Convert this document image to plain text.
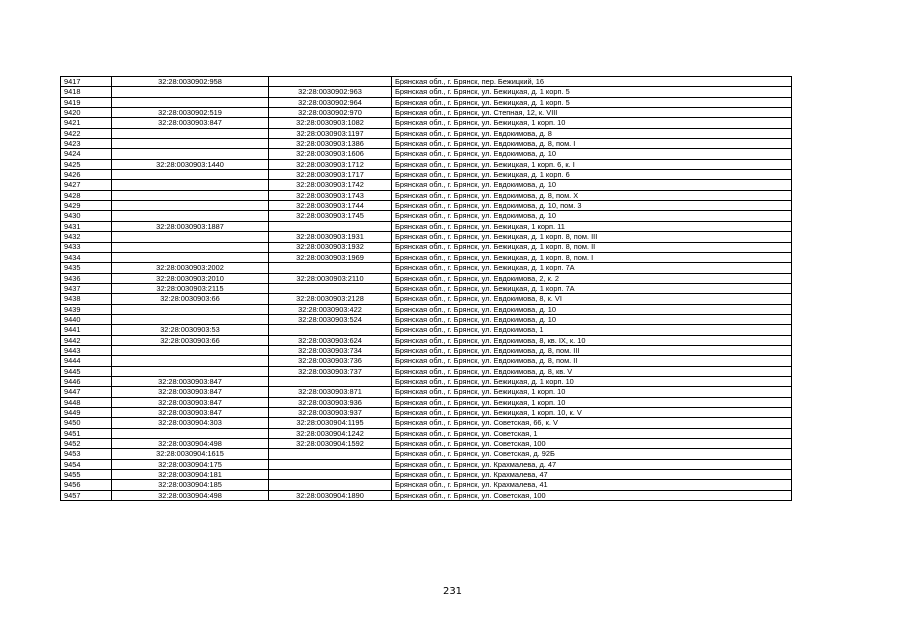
9417	32:28:0030902:958		Брянская обл., г. Брянск, пер. Бежицкий, 16
9418		32:28:0030902:963	Брянская обл., г. Брянск, ул. Бежицкая, д. 1 корп. 5
9419		32:28:0030902:964	Брянская обл., г. Брянск, ул. Бежицкая, д. 1 корп. 5
9420	32:28:0030902:519	32:28:0030902:970	Брянская обл., г. Брянск, ул. Степная, 12, к. VIII
9421	32:28:0030903:847	32:28:0030903:1082	Брянская обл., г. Брянск, ул. Бежицкая, 1 корп. 10
9422		32:28:0030903:1197	Брянская обл., г. Брянск, ул. Евдокимова, д. 8
9423		32:28:0030903:1386	Брянская обл., г. Брянск, ул. Евдокимова, д. 8, пом. I
9424		32:28:0030903:1606	Брянская обл., г. Брянск, ул. Евдокимова, д. 10
9425	32:28:0030903:1440	32:28:0030903:1712	Брянская обл., г. Брянск, ул. Бежицкая, 1 корп. 6, к. I
9426		32:28:0030903:1717	Брянская обл., г. Брянск, ул. Бежицкая, д. 1 корп. 6
9427		32:28:0030903:1742	Брянская обл., г. Брянск, ул. Евдокимова, д. 10
9428		32:28:0030903:1743	Брянская обл., г. Брянск, ул. Евдокимова, д. 8, пом. X
9429		32:28:0030903:1744	Брянская обл., г. Брянск, ул. Евдокимова, д. 10, пом. 3
9430		32:28:0030903:1745	Брянская обл., г. Брянск, ул. Евдокимова, д. 10
9431	32:28:0030903:1887		Брянская обл., г. Брянск, ул. Бежицкая, 1 корп. 11
9432		32:28:0030903:1931	Брянская обл., г. Брянск, ул. Бежицкая, д. 1 корп. 8, пом. III
9433		32:28:0030903:1932	Брянская обл., г. Брянск, ул. Бежицкая, д. 1 корп. 8, пом. II
9434		32:28:0030903:1969	Брянская обл., г. Брянск, ул. Бежицкая, д. 1 корп. 8, пом. I
9435	32:28:0030903:2002		Брянская обл., г. Брянск, ул. Бежицкая, д. 1 корп. 7А
9436	32:28:0030903:2010	32:28:0030903:2110	Брянская обл., г. Брянск, ул. Евдокимова, 2, к. 2
9437	32:28:0030903:2115		Брянская обл., г. Брянск, ул. Бежицкая, д. 1 корп. 7А
9438	32:28:0030903:66	32:28:0030903:2128	Брянская обл., г. Брянск, ул. Евдокимова, 8, к. VI
9439		32:28:0030903:422	Брянская обл., г. Брянск, ул. Евдокимова, д. 10
9440		32:28:0030903:524	Брянская обл., г. Брянск, ул. Евдокимова, д. 10
9441	32:28:0030903:53		Брянская обл., г. Брянск, ул. Евдокимова, 1
9442	32:28:0030903:66	32:28:0030903:624	Брянская обл., г. Брянск, ул. Евдокимова, 8, кв. IX, к. 10
9443		32:28:0030903:734	Брянская обл., г. Брянск, ул. Евдокимова, д. 8, пом. III
9444		32:28:0030903:736	Брянская обл., г. Брянск, ул. Евдокимова, д. 8, пом. II
9445		32:28:0030903:737	Брянская обл., г. Брянск, ул. Евдокимова, д. 8, кв. V
9446	32:28:0030903:847		Брянская обл., г. Брянск, ул. Бежицкая, д. 1 корп. 10
9447	32:28:0030903:847	32:28:0030903:871	Брянская обл., г. Брянск, ул. Бежицкая, 1 корп. 10
9448	32:28:0030903:847	32:28:0030903:936	Брянская обл., г. Брянск, ул. Бежицкая, 1 корп. 10
9449	32:28:0030903:847	32:28:0030903:937	Брянская обл., г. Брянск, ул. Бежицкая, 1 корп. 10, к. V
9450	32:28:0030904:303	32:28:0030904:1195	Брянская обл., г. Брянск, ул. Советская, 66, к. V
9451		32:28:0030904:1242	Брянская обл., г. Брянск, ул. Советская, 1
9452	32:28:0030904:498	32:28:0030904:1592	Брянская обл., г. Брянск, ул. Советская, 100
9453	32:28:0030904:1615		Брянская обл., г. Брянск, ул. Советская, д. 92Б
9454	32:28:0030904:175		Брянская обл., г. Брянск, ул. Крахмалева, д. 47
9455	32:28:0030904:181		Брянская обл., г. Брянск, ул. Крахмалева, 47
9456	32:28:0030904:185		Брянская обл., г. Брянск, ул. Крахмалева, 41
9457	32:28:0030904:498	32:28:0030904:1890	Брянская обл., г. Брянск, ул. Советская, 100
231
